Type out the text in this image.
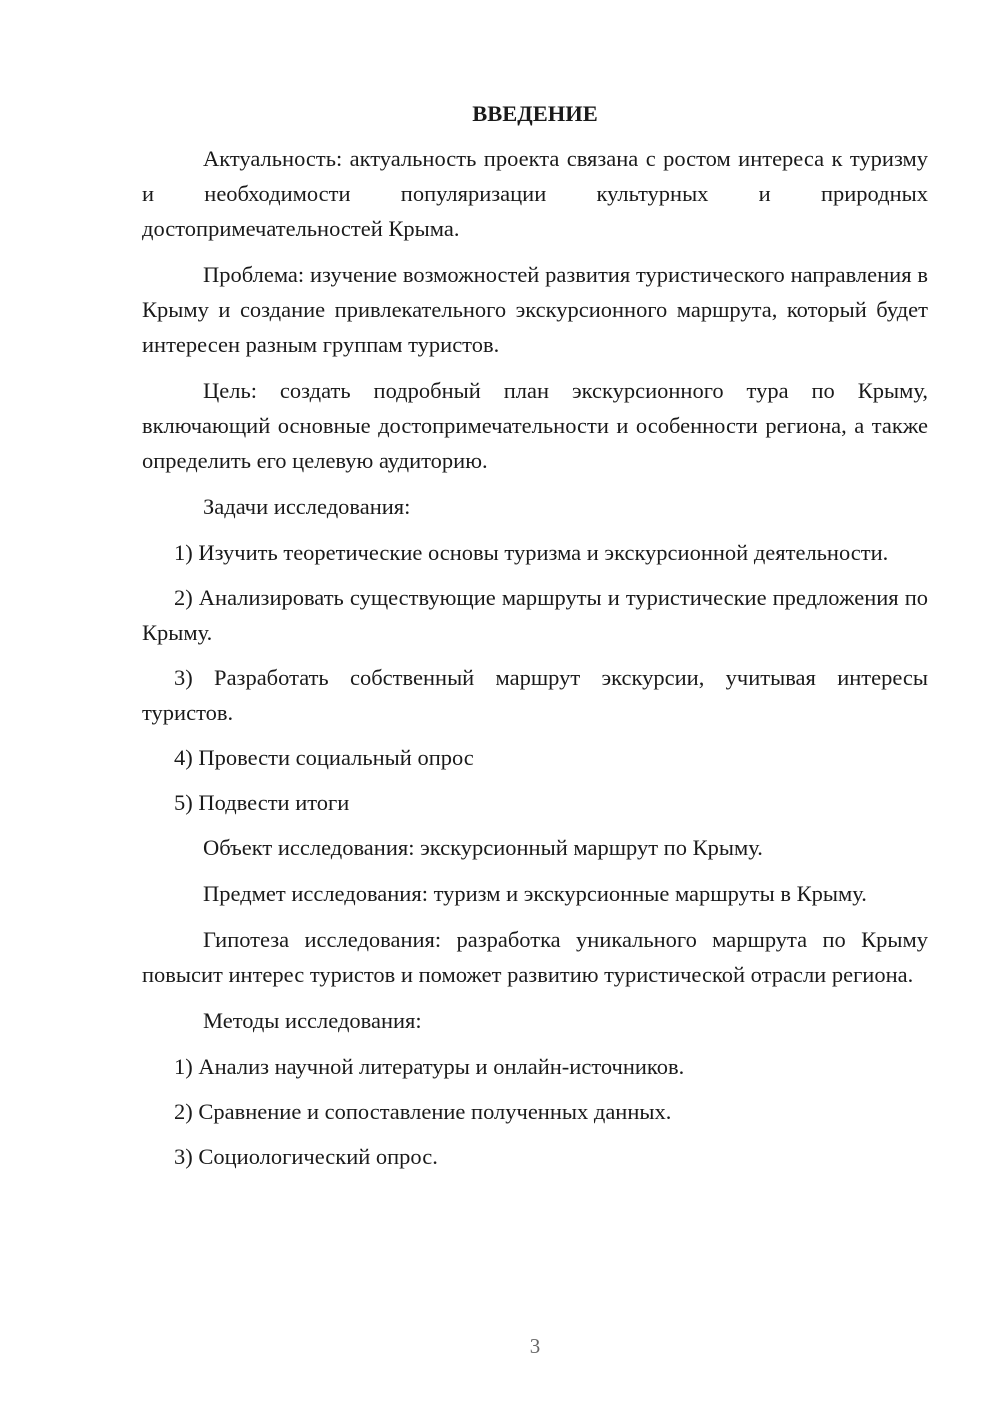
ВВЕДЕНИЕ

Актуальность: актуальность проекта связана с ростом интереса к туризму и необходимости популяризации культурных и природных достопримечательностей Крыма.

Проблема: изучение возможностей развития туристического направления в Крыму и создание привлекательного экскурсионного маршрута, который будет интересен разным группам туристов.

Цель: создать подробный план экскурсионного тура по Крыму, включающий основные достопримечательности и особенности региона, а также определить его целевую аудиторию.

Задачи исследования:

1) Изучить теоретические основы туризма и экскурсионной деятельности.

2) Анализировать существующие маршруты и туристические предложения по Крыму.

3) Разработать собственный маршрут экскурсии, учитывая интересы туристов.

4) Провести социальный опрос

5) Подвести итоги

Объект исследования: экскурсионный маршрут по Крыму.

Предмет исследования: туризм и экскурсионные маршруты в Крыму.

Гипотеза исследования: разработка уникального маршрута по Крыму повысит интерес туристов и поможет развитию туристической отрасли региона.

Методы исследования:

1) Анализ научной литературы и онлайн-источников.

2) Сравнение и сопоставление полученных данных.

3) Социологический опрос.

3
